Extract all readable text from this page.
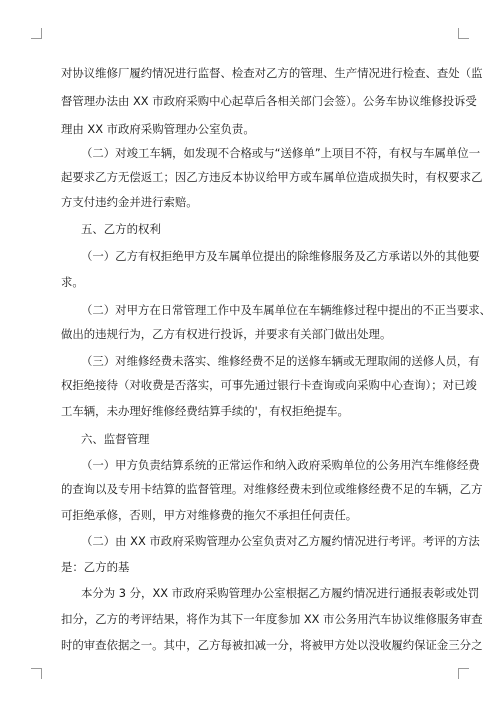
对协议维修厂履约情况进行监督、检查对乙方的管理、生产情况进行检查、查处（监
督管理办法由 XX 市政府采购中心起草后各相关部门会签）。公务车协议维修投诉受
理由 XX 市政府采购管理办公室负责。
（二）对竣工车辆，如发现不合格或与“送修单”上项目不符，有权与车属单位一
起要求乙方无偿返工；因乙方违反本协议给甲方或车属单位造成损失时，有权要求乙
方支付违约金并进行索赔。
五、乙方的权利
（一）乙方有权拒绝甲方及车属单位提出的除维修服务及乙方承诺以外的其他要
求。
（二）对甲方在日常管理工作中及车属单位在车辆维修过程中提出的不正当要求、
做出的违规行为，乙方有权进行投诉，并要求有关部门做出处理。
（三）对维修经费未落实、维修经费不足的送修车辆或无理取闹的送修人员，有
权拒绝接待（对收费是否落实，可事先通过银行卡查询或向采购中心查询）；对已竣
工车辆，未办理好维修经费结算手续的'，有权拒绝提车。
六、监督管理
（一）甲方负责结算系统的正常运作和纳入政府采购单位的公务用汽车维修经费
的查询以及专用卡结算的监督管理。对维修经费未到位或维修经费不足的车辆，乙方
可拒绝承修，否则，甲方对维修费的拖欠不承担任何责任。
（二）由 XX 市政府采购管理办公室负责对乙方履约情况进行考评。考评的方法
是：乙方的基
本分为 3 分，XX 市政府采购管理办公室根据乙方履约情况进行通报表彰或处罚
扣分，乙方的考评结果，将作为其下一年度参加 XX 市公务用汽车协议维修服务审查
时的审查依据之一。其中，乙方每被扣减一分，将被甲方处以没收履约保证金三分之
